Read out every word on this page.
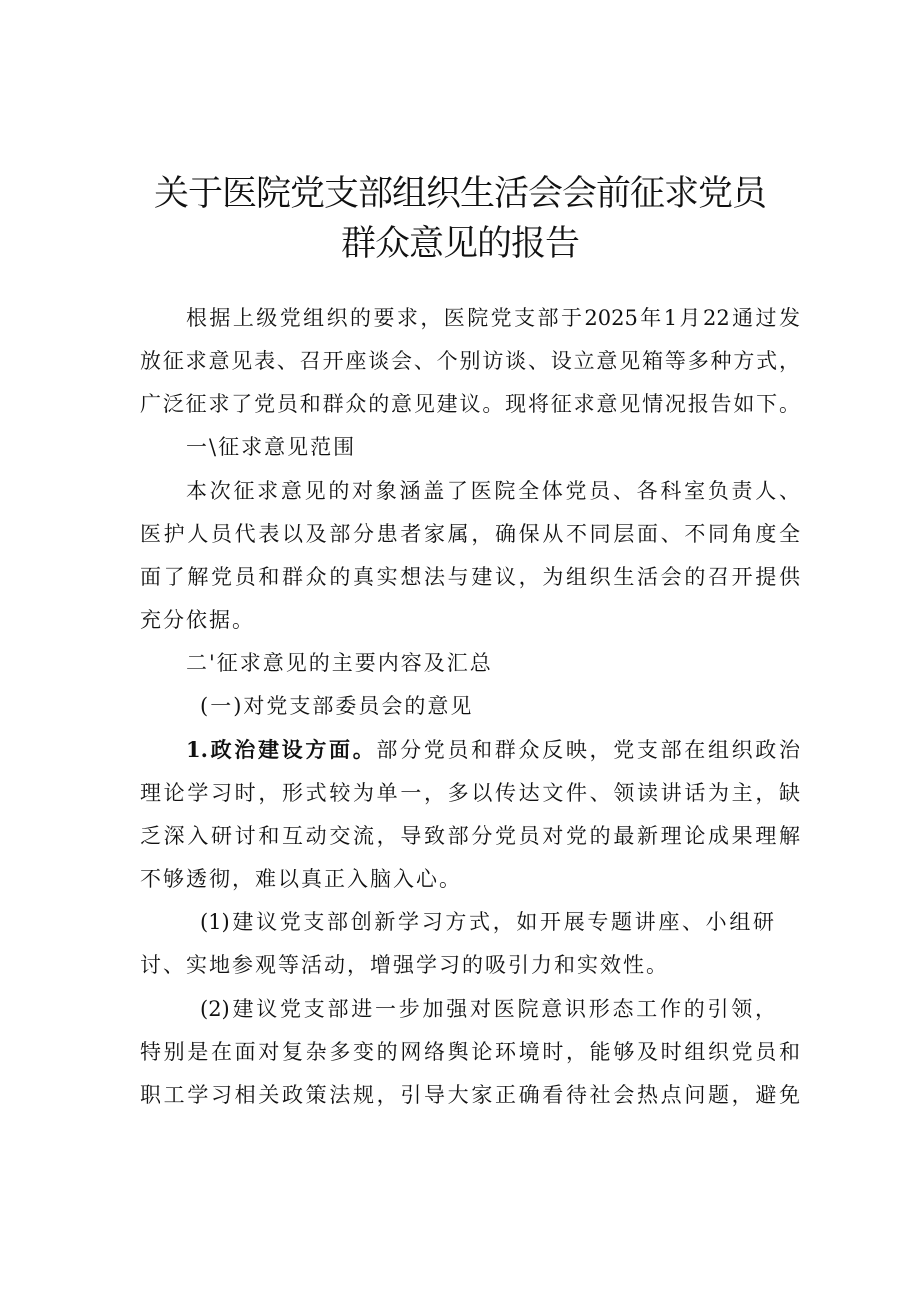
关于医院党支部组织生活会会前征求党员
群众意见的报告
根据上级党组织的要求，医院党支部于2025年1月22通过发
放征求意见表、召开座谈会、个别访谈、设立意见箱等多种方式，
广泛征求了党员和群众的意见建议。现将征求意见情况报告如下。
一\征求意见范围
本次征求意见的对象涵盖了医院全体党员、各科室负责人、
医护人员代表以及部分患者家属，确保从不同层面、不同角度全
面了解党员和群众的真实想法与建议，为组织生活会的召开提供
充分依据。
二'征求意见的主要内容及汇总
(一)对党支部委员会的意见
1.政治建设方面。部分党员和群众反映，党支部在组织政治
理论学习时，形式较为单一，多以传达文件、领读讲话为主，缺
乏深入研讨和互动交流，导致部分党员对党的最新理论成果理解
不够透彻，难以真正入脑入心。
(1)建议党支部创新学习方式，如开展专题讲座、小组研
讨、实地参观等活动，增强学习的吸引力和实效性。
(2)建议党支部进一步加强对医院意识形态工作的引领，
特别是在面对复杂多变的网络舆论环境时，能够及时组织党员和
职工学习相关政策法规，引导大家正确看待社会热点问题，避免
